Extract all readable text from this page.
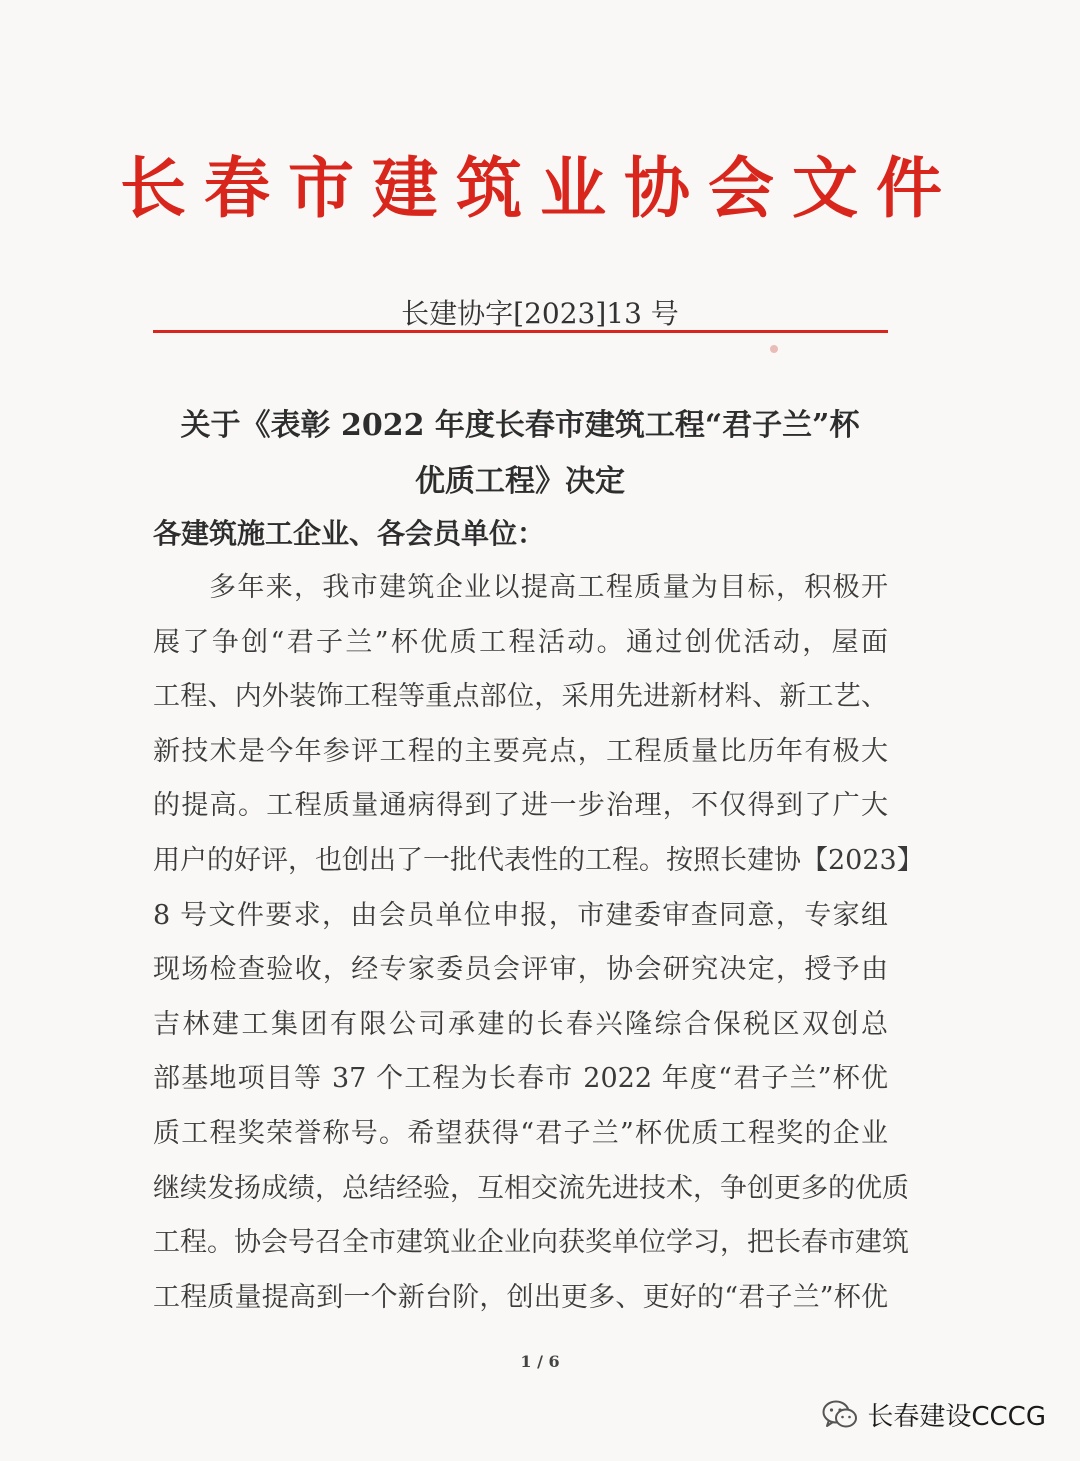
长春市建筑业协会文件
长建协字[2023]13 号
关于《表彰 2022 年度长春市建筑工程“君子兰”杯
优质工程》决定
各建筑施工企业、各会员单位：
多年来，我市建筑企业以提高工程质量为目标，积极开
展了争创“君子兰”杯优质工程活动。通过创优活动，屋面
工程、内外装饰工程等重点部位，采用先进新材料、新工艺、
新技术是今年参评工程的主要亮点，工程质量比历年有极大
的提高。工程质量通病得到了进一步治理，不仅得到了广大
用户的好评，也创出了一批代表性的工程。按照长建协【2023】
8 号文件要求，由会员单位申报，市建委审查同意，专家组
现场检查验收，经专家委员会评审，协会研究决定，授予由
吉林建工集团有限公司承建的长春兴隆综合保税区双创总
部基地项目等 37 个工程为长春市 2022 年度“君子兰”杯优
质工程奖荣誉称号。希望获得“君子兰”杯优质工程奖的企业
继续发扬成绩，总结经验，互相交流先进技术，争创更多的优质
工程。协会号召全市建筑业企业向获奖单位学习，把长春市建筑
工程质量提高到一个新台阶，创出更多、更好的“君子兰”杯优
1 / 6
长春建设CCCG
